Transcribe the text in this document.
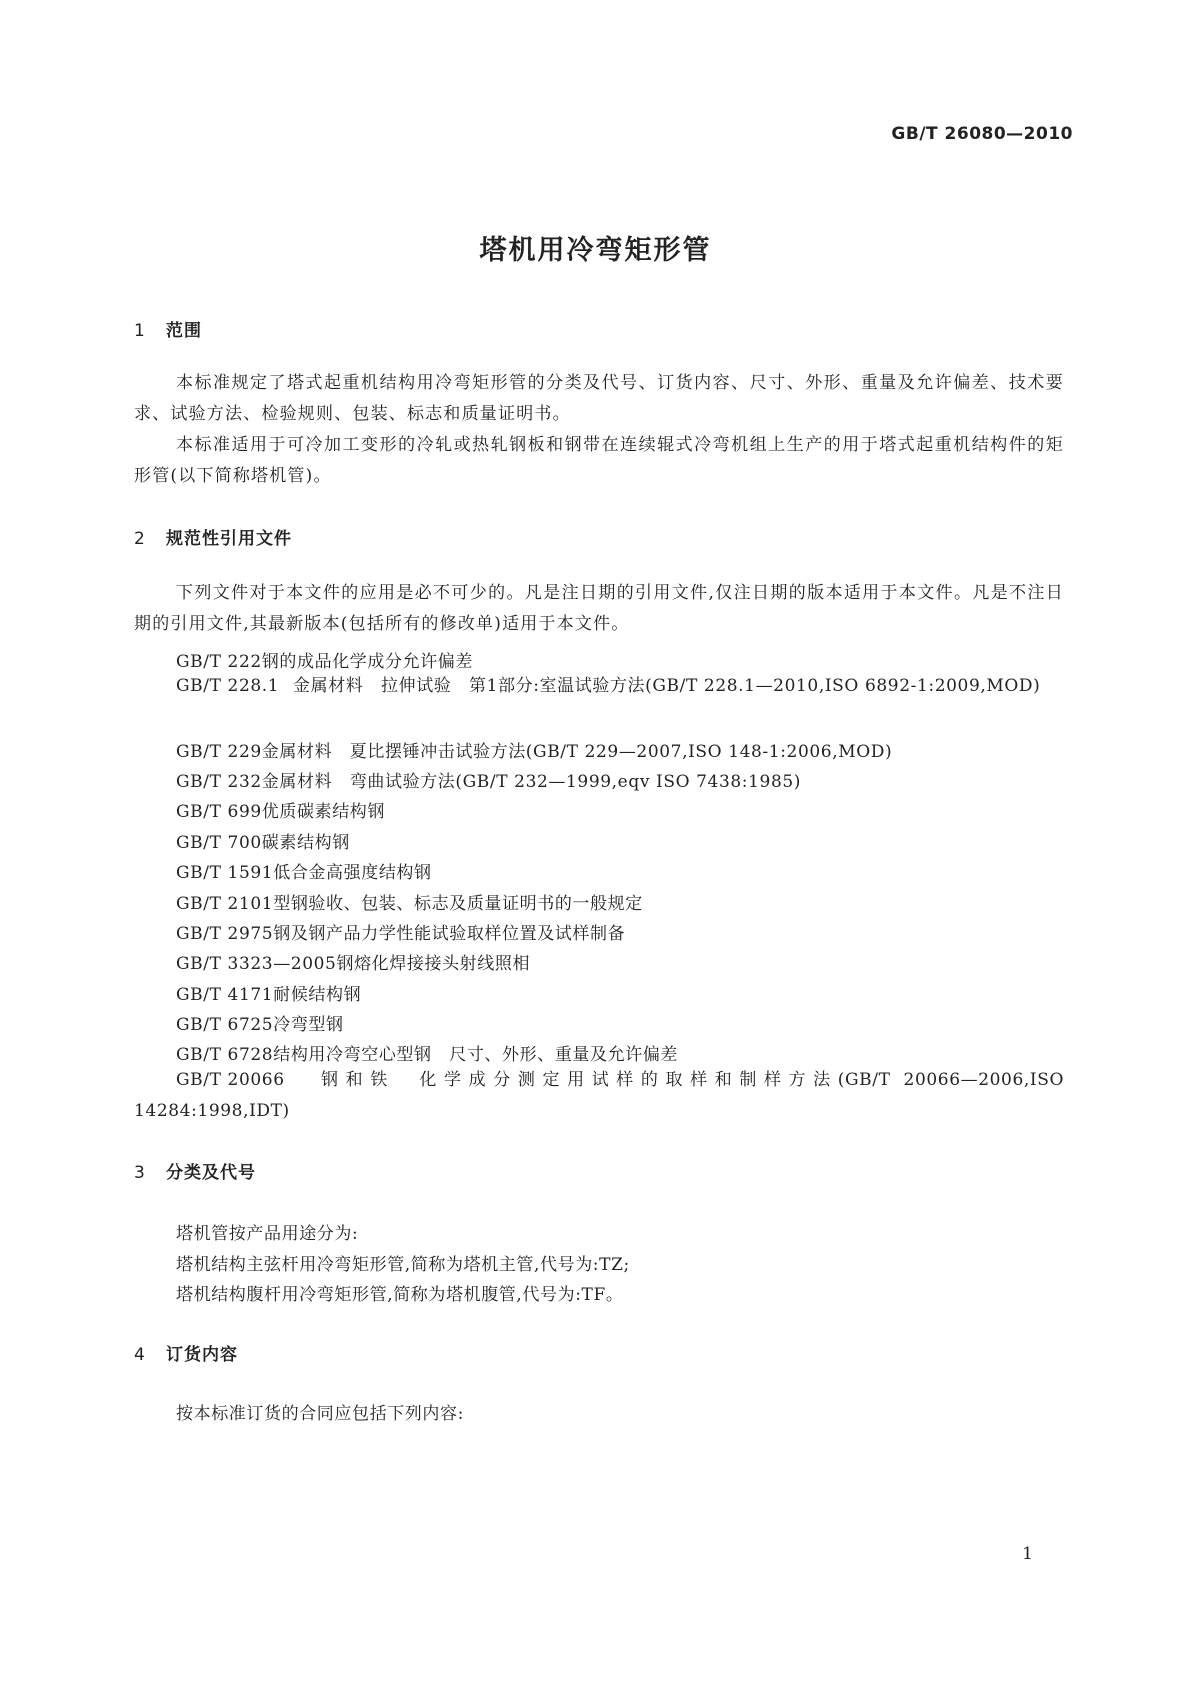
GB/T 26080—2010
塔机用冷弯矩形管
1 范围

本标准规定了塔式起重机结构用冷弯矩形管的分类及代号、订货内容、尺寸、外形、重量及允许偏差、技术要求、试验方法、检验规则、包装、标志和质量证明书。

本标准适用于可冷加工变形的冷轧或热轧钢板和钢带在连续辊式冷弯机组上生产的用于塔式起重机结构件的矩形管(以下简称塔机管)。

2 规范性引用文件

下列文件对于本文件的应用是必不可少的。凡是注日期的引用文件,仅注日期的版本适用于本文件。凡是不注日期的引用文件,其最新版本(包括所有的修改单)适用于本文件。

GB/T 222钢的成品化学成分允许偏差

GB/T 228.1 金属材料　拉伸试验　第1部分:室温试验方法(GB/T 228.1—2010,ISO 6892-1:2009,MOD)

GB/T 229金属材料　夏比摆锤冲击试验方法(GB/T 229—2007,ISO 148-1:2006,MOD)
GB/T 232金属材料　弯曲试验方法(GB/T 232—1999,eqv ISO 7438:1985)
GB/T 699优质碳素结构钢
GB/T 700碳素结构钢
GB/T 1591低合金高强度结构钢
GB/T 2101型钢验收、包装、标志及质量证明书的一般规定
GB/T 2975钢及钢产品力学性能试验取样位置及试样制备
GB/T 3323—2005钢熔化焊接接头射线照相
GB/T 4171耐候结构钢
GB/T 6725冷弯型钢
GB/T 6728结构用冷弯空心型钢　尺寸、外形、重量及允许偏差

GB/T 20066 钢和铁　化学成分测定用试样的取样和制样方法(GB/T 20066—2006,ISO 14284:1998,IDT)

3 分类及代号
塔机管按产品用途分为:
塔机结构主弦杆用冷弯矩形管,简称为塔机主管,代号为:TZ;
塔机结构腹杆用冷弯矩形管,简称为塔机腹管,代号为:TF。
4 订货内容
按本标准订货的合同应包括下列内容:
1
